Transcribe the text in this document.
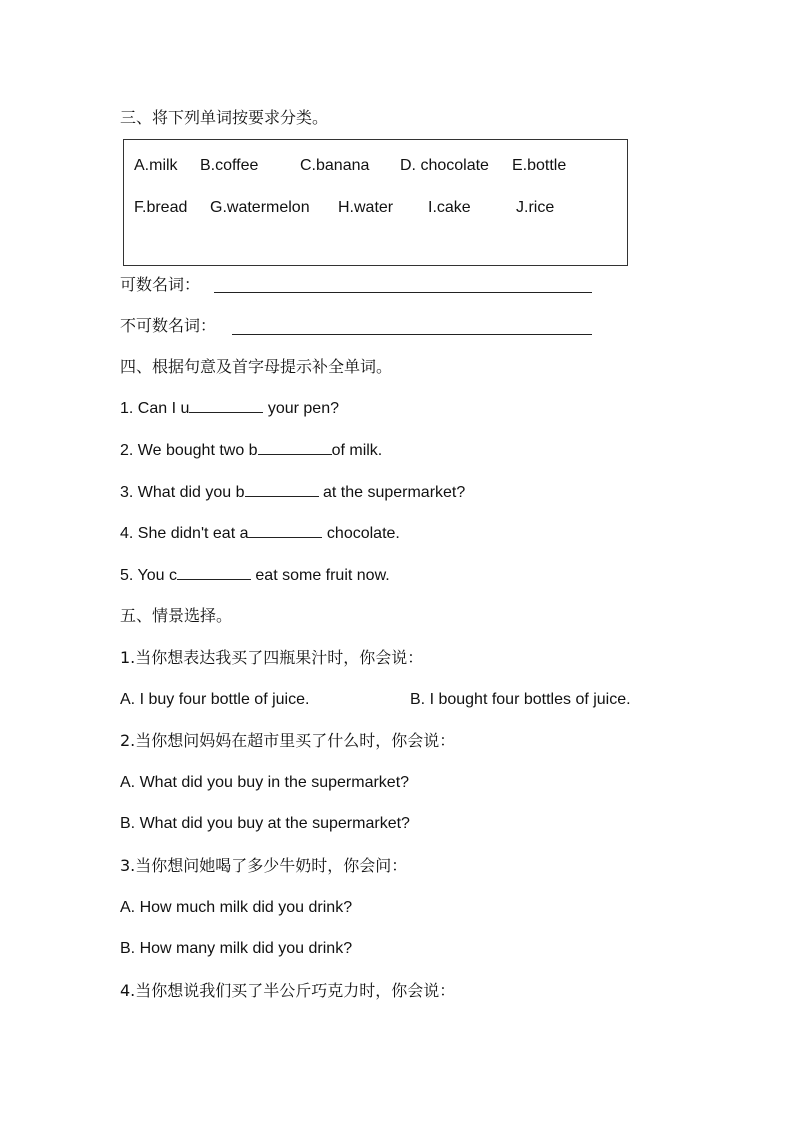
三、将下列单词按要求分类。
A.milk B.coffee	C.banana D. chocolate E.bottle
F.bread G.watermelon H.water I.cake	J.rice
可数名词：
不可数名词：
四、根据句意及首字母提示补全单词。
1. Can I u	your pen?
2. We bought two b	of milk.
3. What did you b	at the supermarket?
4. She didn't eat a	chocolate.
5. You c	eat some fruit now.
五、情景选择。
1.当你想表达我买了四瓶果汁时，你会说：
A. I buy four bottle of juice.	B. I bought four bottles of juice.
2.当你想问妈妈在超市里买了什么时，你会说：
A. What did you buy in the supermarket?
B. What did you buy at the supermarket?
3.当你想问她喝了多少牛奶时，你会问：
A. How much milk did you drink?
B. How many milk did you drink?
4.当你想说我们买了半公斤巧克力时，你会说：
